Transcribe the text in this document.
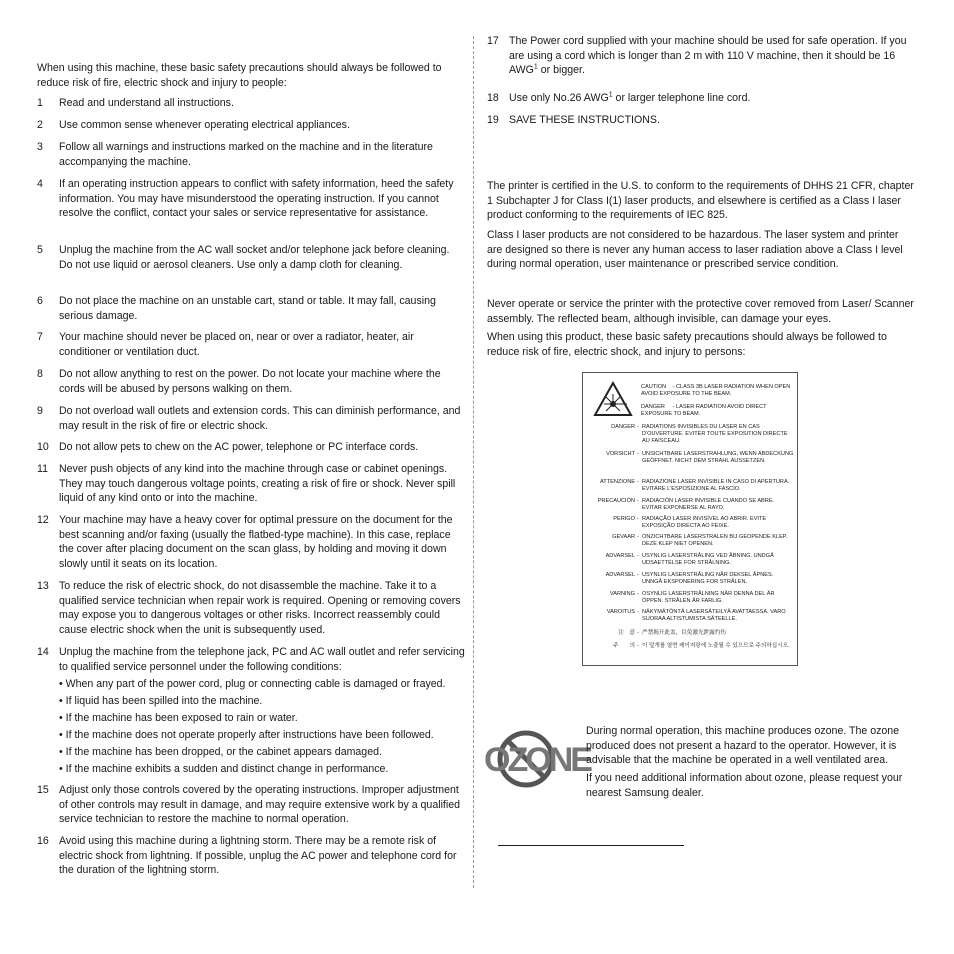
When using this machine, these basic safety precautions should always be followed to reduce risk of fire, electric shock and injury to people:

1	Read and understand all instructions.
2	Use common sense whenever operating electrical appliances.
3	Follow all warnings and instructions marked on the machine and in the literature accompanying the machine.
4	If an operating instruction appears to conflict with safety information, heed the safety information. You may have misunderstood the operating instruction. If you cannot resolve the conflict, contact your sales or service representative for assistance.
5	Unplug the machine from the AC wall socket and/or telephone jack before cleaning. Do not use liquid or aerosol cleaners. Use only a damp cloth for cleaning.
6	Do not place the machine on an unstable cart, stand or table. It may fall, causing serious damage.
7	Your machine should never be placed on, near or over a radiator, heater, air conditioner or ventilation duct.
8	Do not allow anything to rest on the power. Do not locate your machine where the cords will be abused by persons walking on them.
9	Do not overload wall outlets and extension cords. This can diminish performance, and may result in the risk of fire or electric shock.
10 Do not allow pets to chew on the AC power, telephone or PC interface cords.
11	Never push objects of any kind into the machine through case or cabinet openings. They may touch dangerous voltage points, creating a risk of fire or shock. Never spill liquid of any kind onto or into the machine.
12 Your machine may have a heavy cover for optimal pressure on the document for the best scanning and/or faxing (usually the flatbed-type machine). In this case, replace the cover after placing document on the scan glass, by holding and moving it down slowly until it seats on its location.
13 To reduce the risk of electric shock, do not disassemble the machine. Take it to a qualified service technician when repair work is required. Opening or removing covers may expose you to dangerous voltages or other risks. Incorrect reassembly could cause electric shock when the unit is subsequently used.
14 Unplug the machine from the telephone jack, PC and AC wall outlet and refer servicing to qualified service personnel under the following conditions:
• When any part of the power cord, plug or connecting cable is damaged or frayed.
• If liquid has been spilled into the machine.
• If the machine has been exposed to rain or water.
• If the machine does not operate properly after instructions have been followed.
• If the machine has been dropped, or the cabinet appears damaged.
• If the machine exhibits a sudden and distinct change in performance.
15 Adjust only those controls covered by the operating instructions. Improper adjustment of other controls may result in damage, and may require extensive work by a qualified service technician to restore the machine to normal operation.
16 Avoid using this machine during a lightning storm. There may be a remote risk of electric shock from lightning. If possible, unplug the AC power and telephone cord for the duration of the lightning storm.
17 The Power cord supplied with your machine should be used for safe operation. If you are using a cord which is longer than 2 m with 110 V machine, then it should be 16 AWG$^1$ or bigger.
18 Use only No.26 AWG$^1$ or larger telephone line cord.
19 SAVE THESE INSTRUCTIONS.

The printer is certified in the U.S. to conform to the requirements of DHHS 21 CFR, chapter 1 Subchapter J for Class I(1) laser products, and elsewhere is certified as a Class I laser product conforming to the requirements of IEC 825.

Class I laser products are not considered to be hazardous. The laser system and printer are designed so there is never any human access to laser radiation above a Class I level during normal operation, user maintenance or prescribed service condition.

Never operate or service the printer with the protective cover removed from Laser/ Scanner assembly. The reflected beam, although invisible, can damage your eyes.

When using this product, these basic safety precautions should always be followed to reduce risk of fire, electric shock, and injury to persons:

CAUTION - CLASS 3B LASER RADIATION WHEN OPEN AVOID EXPOSURE TO THE BEAM.
DANGER - LASER RADIATION AVOID DIRECT EXPOSURE TO BEAM.
DANGER - RADIATIONS INVISIBLES DU LASER EN CAS D'OUVERTURE. EVITER TOUTE EXPOSITION DIRECTE AU FAISCEAU.
VORSICHT - UNSICHTBARE LASERSTRAHLUNG, WENN ABDECKUNG GEÖFFNET. NICHT DEM STRAHL AUSSETZEN.
ATTENZIONE - RADIAZIONE LASER INVISIBLE IN CASO DI APERTURA. EVITARE L'ESPOSIZIONE AL FASCIO.
PRECAUCIÓN - RADIACIÓN LASER INVISIBLE CUANDO SE ABRE. EVITAR EXPONERSE AL RAYO.
PERIGO - RADIAÇÃO LASER INVISÍVEL AO ABRIR. EVITE EXPOSIÇÃO DIRECTA AO FEIXE.
GEVAAR - ONZICHTBARE LASERSTRALEN BIJ GEOPENDE KLEP. DEZE KLEP NIET OPENEN.
ADVARSEL - USYNLIG LASERSTRÅLING VED ÅBNING. UNDGÅ UDSAETTELSE FOR STRÅLNING.
ADVARSEL - USYNLIG LASERSTRÅLING NÅR DEKSEL ÅPNES. UNNGÅ EKSPONERING FOR STRÅLEN.
VARNING - OSYNLIG LASERSTRÅLNING NÄR DENNA DEL ÄR ÖPPEN. STRÅLEN ÄR FARLIG.
VAROITUS - NÄKYMÄTÖNTÄ LASERSÄTEILYÄ AVATTAESSA. VARO SUORAA ALTISTUMISTA SÄTEELLE.
注　意 - 严禁揭开此盖，以免激光泄露灼伤
주　　의 - 이 덮개를 열면 레이저광에 노출될 수 있으므로 주의하십시오.
OZONE

During normal operation, this machine produces ozone. The ozone produced does not present a hazard to the operator. However, it is advisable that the machine be operated in a well ventilated area.

If you need additional information about ozone, please request your nearest Samsung dealer.
